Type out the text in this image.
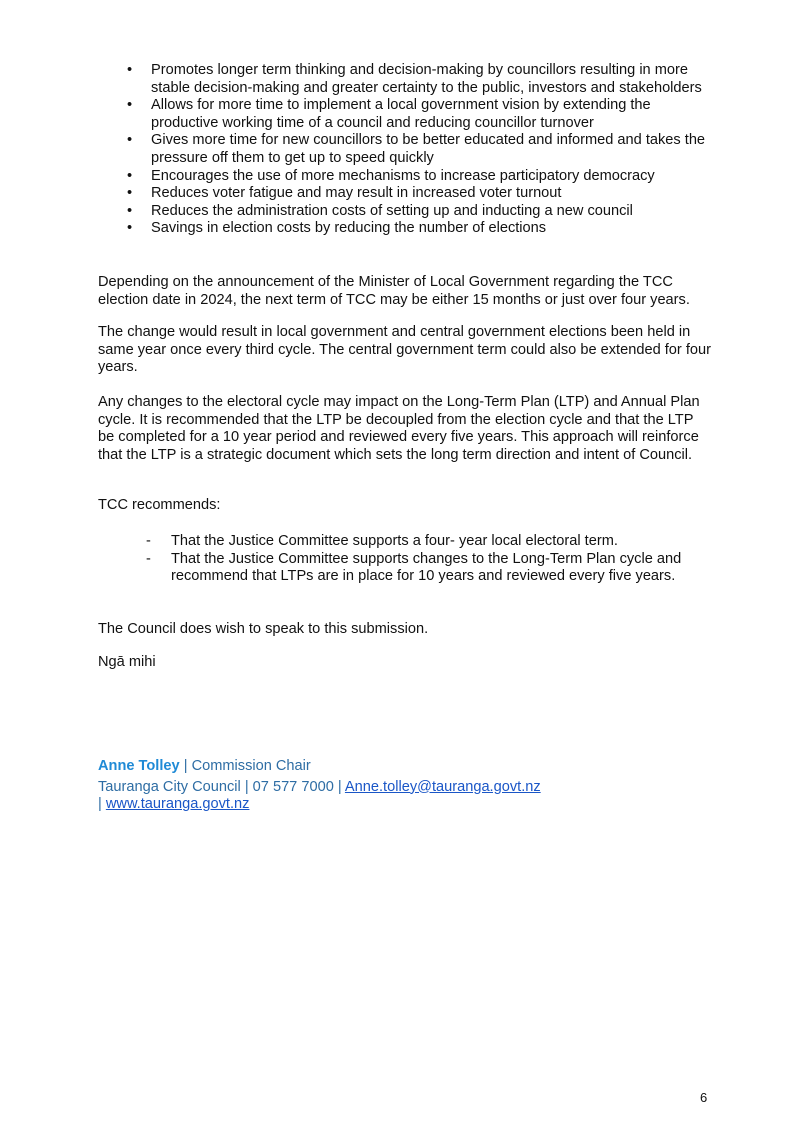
• Promotes longer term thinking and decision-making by councillors resulting in more stable decision-making and greater certainty to the public, investors and stakeholders
• Allows for more time to implement a local government vision by extending the productive working time of a council and reducing councillor turnover
• Gives more time for new councillors to be better educated and informed and takes the pressure off them to get up to speed quickly
• Encourages the use of more mechanisms to increase participatory democracy
• Reduces voter fatigue and may result in increased voter turnout
• Reduces the administration costs of setting up and inducting a new council
• Savings in election costs by reducing the number of elections

Depending on the announcement of the Minister of Local Government regarding the TCC election date in 2024, the next term of TCC may be either 15 months or just over four years.

The change would result in local government and central government elections been held in same year once every third cycle. The central government term could also be extended for four years.

Any changes to the electoral cycle may impact on the Long-Term Plan (LTP) and Annual Plan cycle. It is recommended that the LTP be decoupled from the election cycle and that the LTP be completed for a 10 year period and reviewed every five years. This approach will reinforce that the LTP is a strategic document which sets the long term direction and intent of Council.

TCC recommends:

- That the Justice Committee supports a four- year local electoral term.
- That the Justice Committee supports changes to the Long-Term Plan cycle and recommend that LTPs are in place for 10 years and reviewed every five years.

The Council does wish to speak to this submission.

Ngā mihi

Anne Tolley | Commission Chair
Tauranga City Council | 07 577 7000 | Anne.tolley@tauranga.govt.nz
| www.tauranga.govt.nz
6
